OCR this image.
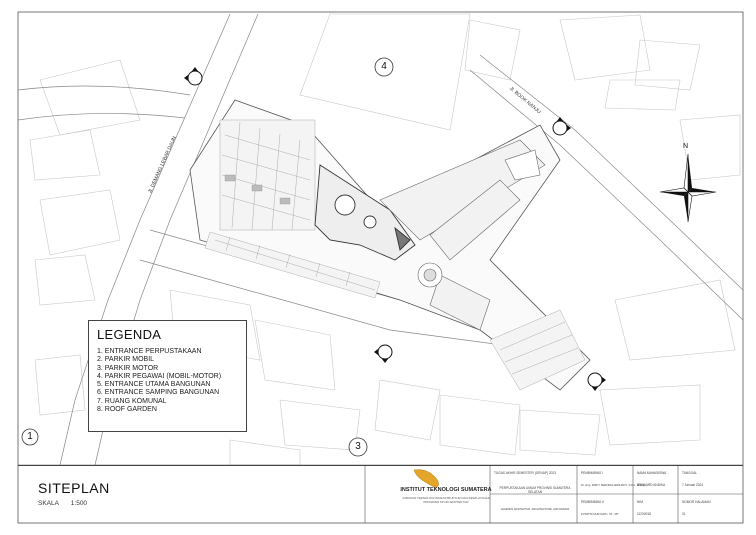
4
1
3
Jl. DEMANG LEBAR DAUN
Jl. BOOK NANJU
N
LEGENDA
1. ENTRANCE PERPUSTAKAAN
2. PARKIR MOBIL
3. PARKIR MOTOR
4. PARKIR PEGAWAI (MOBIL-MOTOR)
5. ENTRANCE UTAMA BANGUNAN
6. ENTRANCE SAMPING BANGUNAN
7. RUANG KOMUNAL
8. ROOF GARDEN
SITEPLAN
SKALA 1:500
INSTITUT TEKNOLOGI SUMATERA
JURUSAN TEKNOLOGI INFRASTRUKTUR DAN KEWILAYAHAN
PROGRAM STUDI ARSITEKTUR
TUGAS AKHIR SEMESTER (GENAP) 2023
PERPUSTAKAAN UMUM PROVINSI SUMATERA SELATAN
LEGENDS ARSITEKTUR, ARCHITECTURE, AND DESIGN
PEMBIMBING I
Dr. Eng. RIZKY FERNINA ARDHANY, S.Pd., M.Eng
PEMBIMBING II
PUSPITA NURYANTI, ST., MT
NAMA MAHASISWA
BERNARD ANDIKA
NIM
11200018
TANGGAL
7 Januari 2024
NOMOR HALAMAN
01
